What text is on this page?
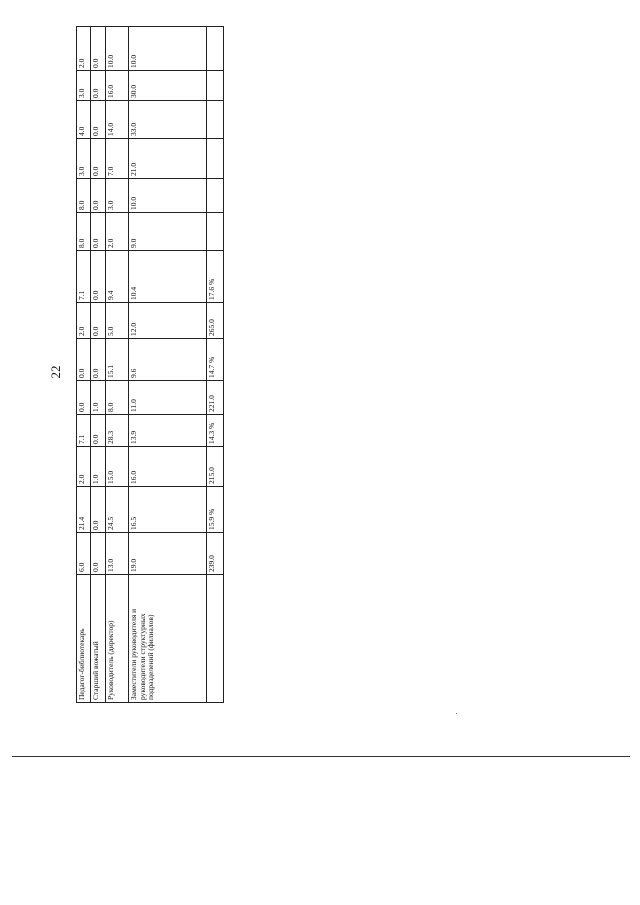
22
Педагог-библиотекарь	6.0	21.4	2.0	7.1	0.0	0.0	2.0	7.1	8.0	8.0	3.0	4.0	3.0	2.0
Старший вожатый	0.0	0.0	1.0	0.0	1.0	0.0	0.0	0.0	0.0	0.0	0.0	0.0	0.0	0.0
Руководитель (директор)	13.0	24.5	15.0	28.3	8.0	15.1	5.0	9.4	2.0	3.0	7.0	14.0	16.0	10.0
Заместители руководителя и руководители структурных подразделений (филиалов)	19.0	16.5	16.0	13.9	11.0	9.6	12.0	10.4	9.0	10.0	21.0	33.0	30.0	10.0
	239.0	15.9 %	215.0	14.3 %	221.0	14.7 %	265.0	17.6 %						
